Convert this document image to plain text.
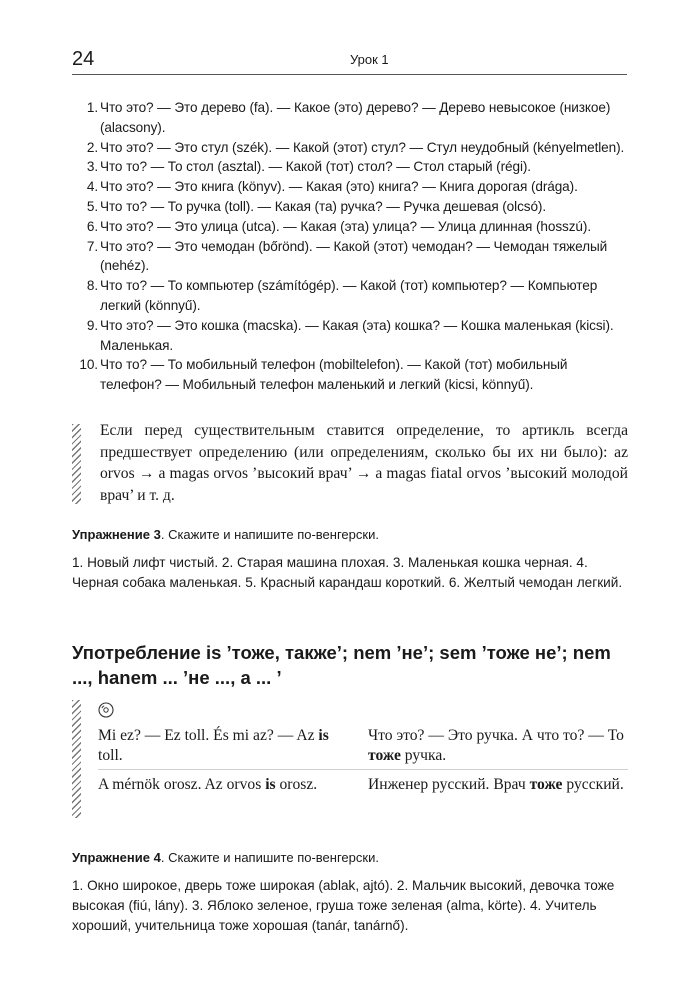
24	Урок 1
1. Что это? — Это дерево (fa). — Какое (это) дерево? — Дерево невысокое (низкое) (alacsony).
2. Что это? — Это стул (szék). — Какой (этот) стул? — Стул неудобный (kényelmetlen).
3. Что то? — То стол (asztal). — Какой (тот) стол? — Стол старый (régi).
4. Что это? — Это книга (könyv). — Какая (это) книга? — Книга дорогая (drága).
5. Что то? — То ручка (toll). — Какая (та) ручка? — Ручка дешевая (olcsó).
6. Что это? — Это улица (utca). — Какая (эта) улица? — Улица длинная (hosszú).
7. Что это? — Это чемодан (bőrönd). — Какой (этот) чемодан? — Чемодан тяжелый (nehéz).
8. Что то? — То компьютер (számítógép). — Какой (тот) компьютер? — Компьютер легкий (könnyű).
9. Что это? — Это кошка (macska). — Какая (эта) кошка? — Кошка маленькая (kicsi). Маленькая.
10. Что то? — То мобильный телефон (mobiltelefon). — Какой (тот) мобильный телефон? — Мобильный телефон маленький и легкий (kicsi, könnyű).

Если перед существительным ставится определение, то артикль всегда предшествует определению (или определениям, сколько бы их ни было): az orvos → a magas orvos ’высокий врач’ → a magas fiatal orvos ’высокий молодой врач’ и т. д.

Упражнение 3. Скажите и напишите по-венгерски.

1. Новый лифт чистый. 2. Старая машина плохая. 3. Маленькая кошка черная. 4. Черная собака маленькая. 5. Красный карандаш короткий. 6. Желтый чемодан легкий.

Употребление is ’тоже, также’; nem ’не’; sem ’тоже не’; nem ..., hanem ... ’не ..., а ... ’

Mi ez? — Ez toll. És mi az? — Az is toll.

Что это? — Это ручка. А что то? — То тоже ручка.

A mérnök orosz. Az orvos is orosz.	Инженер русский. Врач тоже русский.

Упражнение 4. Скажите и напишите по-венгерски.

1. Окно широкое, дверь тоже широкая (ablak, ajtó). 2. Мальчик высокий, девочка тоже высокая (fiú, lány). 3. Яблоко зеленое, груша тоже зеленая (alma, körte). 4. Учитель хороший, учительница тоже хорошая (tanár, tanárnő).
